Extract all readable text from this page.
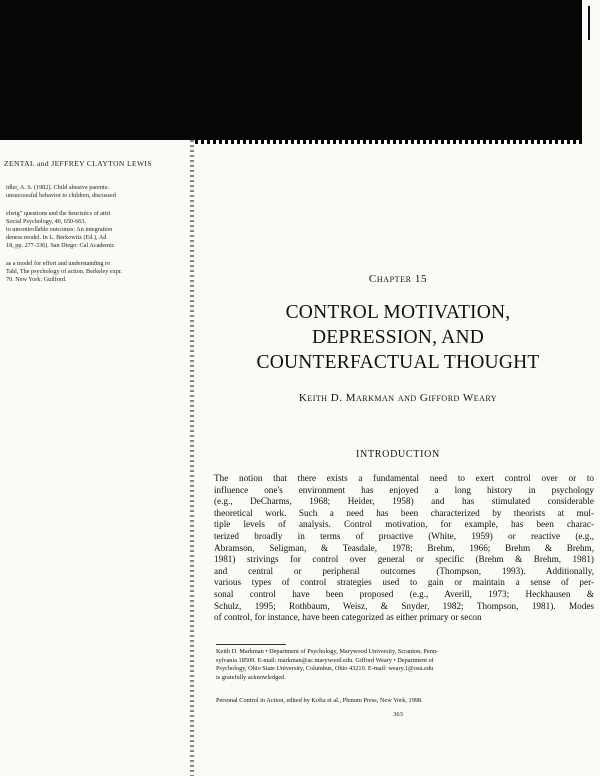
ZENTAL and JEFFREY CLAYTON LEWIS
idler, A. S. (1982). Child abusive parents:
unsuccessful behavior to children, discussed
elwig" questions and the heuristics of attri
Social Psychology, 40, 650-663.
to uncontrollable outcomes: An integration
deness model. In L. Berkowitz (Ed.), Ad
18, pp. 277-336). San Diego: Cal Academic
as a model for effort and understanding re
Tahl, The psychology of action. Berkeley expr.
70. New York: Guilford.	Chapter 15
CONTROL MOTIVATION,
DEPRESSION, AND
COUNTERFACTUAL THOUGHT
Keith D. Markman and Gifford Weary
INTRODUCTION
The notion that there exists a fundamental need to exert control over or to
influence one's environment has enjoyed a long history in psychology
(e.g., DeCharms, 1968; Heider, 1958) and has stimulated considerable
theoretical work. Such a need has been characterized by theorists at mul-
tiple levels of analysis. Control motivation, for example, has been charac-
terized broadly in terms of proactive (White, 1959) or reactive (e.g.,
Abramson, Seligman, & Teasdale, 1978; Brehm, 1966; Brehm & Brehm,
1981) strivings for control over general or specific (Brehm & Brehm, 1981)
and central or peripheral outcomes (Thompson, 1993). Additionally,
various types of control strategies used to gain or maintain a sense of per-
sonal control have been proposed (e.g., Averill, 1973; Heckhausen &
Schulz, 1995; Rothbaum, Weisz, & Snyder, 1982; Thompson, 1981). Modes
of control, for instance, have been categorized as either primary or secon
Keith D. Markman • Department of Psychology, Marywood University, Scranton, Penn-
sylvania 18509. E-mail: markman@ac.marywood.edu. Gifford Weary • Department of
Psychology, Ohio State University, Columbus, Ohio 43210. E-mail: weary.1@osu.edu
is gratefully acknowledged.
Personal Control in Action, edited by Kofta et al., Plenum Press, New York, 1998.
363
